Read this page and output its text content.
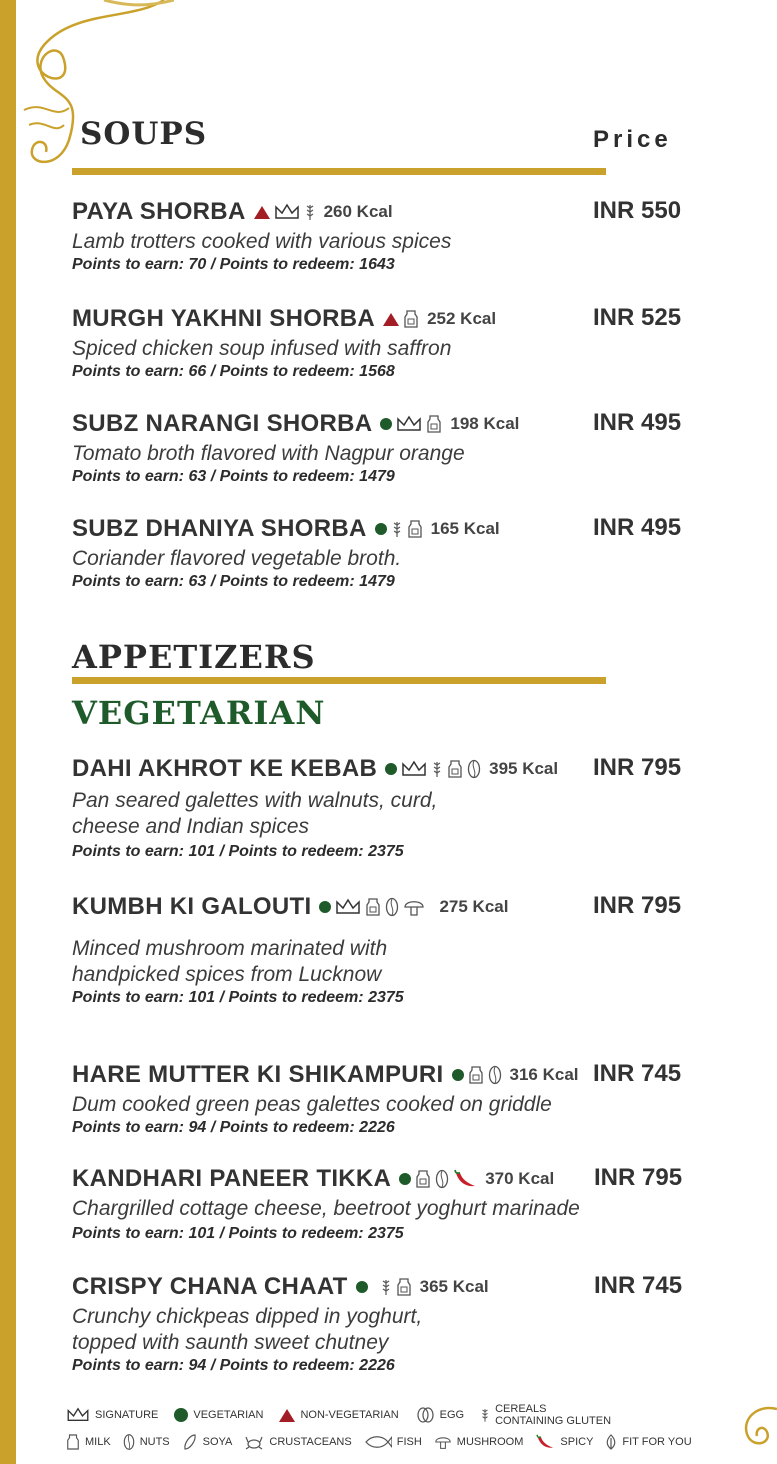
SOUPS	Price
PAYA SHORBA	260 Kcal	INR 550
Lamb trotters cooked with various spices
Points to earn: 70 / Points to redeem: 1643
MURGH YAKHNI SHORBA	252 Kcal	INR 525
Spiced chicken soup infused with saffron
Points to earn: 66 / Points to redeem: 1568
SUBZ NARANGI SHORBA	198 Kcal	INR 495
Tomato broth flavored with Nagpur orange
Points to earn: 63 / Points to redeem: 1479
SUBZ DHANIYA SHORBA	165 Kcal	INR 495
Coriander flavored vegetable broth.
Points to earn: 63 / Points to redeem: 1479
APPETIZERS
VEGETARIAN
DAHI AKHROT KE KEBAB	395 Kcal INR 795
Pan seared galettes with walnuts, curd,
cheese and Indian spices
Points to earn: 101 / Points to redeem: 2375
KUMBH KI GALOUTI	275 Kcal	INR 795
Minced mushroom marinated with
handpicked spices from Lucknow
Points to earn: 101 / Points to redeem: 2375
HARE MUTTER KI SHIKAMPURI	316 Kcal INR 745
Dum cooked green peas galettes cooked on griddle
Points to earn: 94 / Points to redeem: 2226
KANDHARI PANEER TIKKA	370 Kcal INR 795
Chargrilled cottage cheese, beetroot yoghurt marinade
Points to earn: 101 / Points to redeem: 2375
CRISPY CHANA CHAAT	365 Kcal	INR 745
Crunchy chickpeas dipped in yoghurt,
topped with saunth sweet chutney
Points to earn: 94 / Points to redeem: 2226
SIGNATURE	VEGETARIAN	NON-VEGETARIAN	EGG	CEREALS
CONTAINING GLUTEN
MILK	NUTS	SOYA	CRUSTACEANS	FISH	MUSHROOM	SPICY	FIT FOR YOU
